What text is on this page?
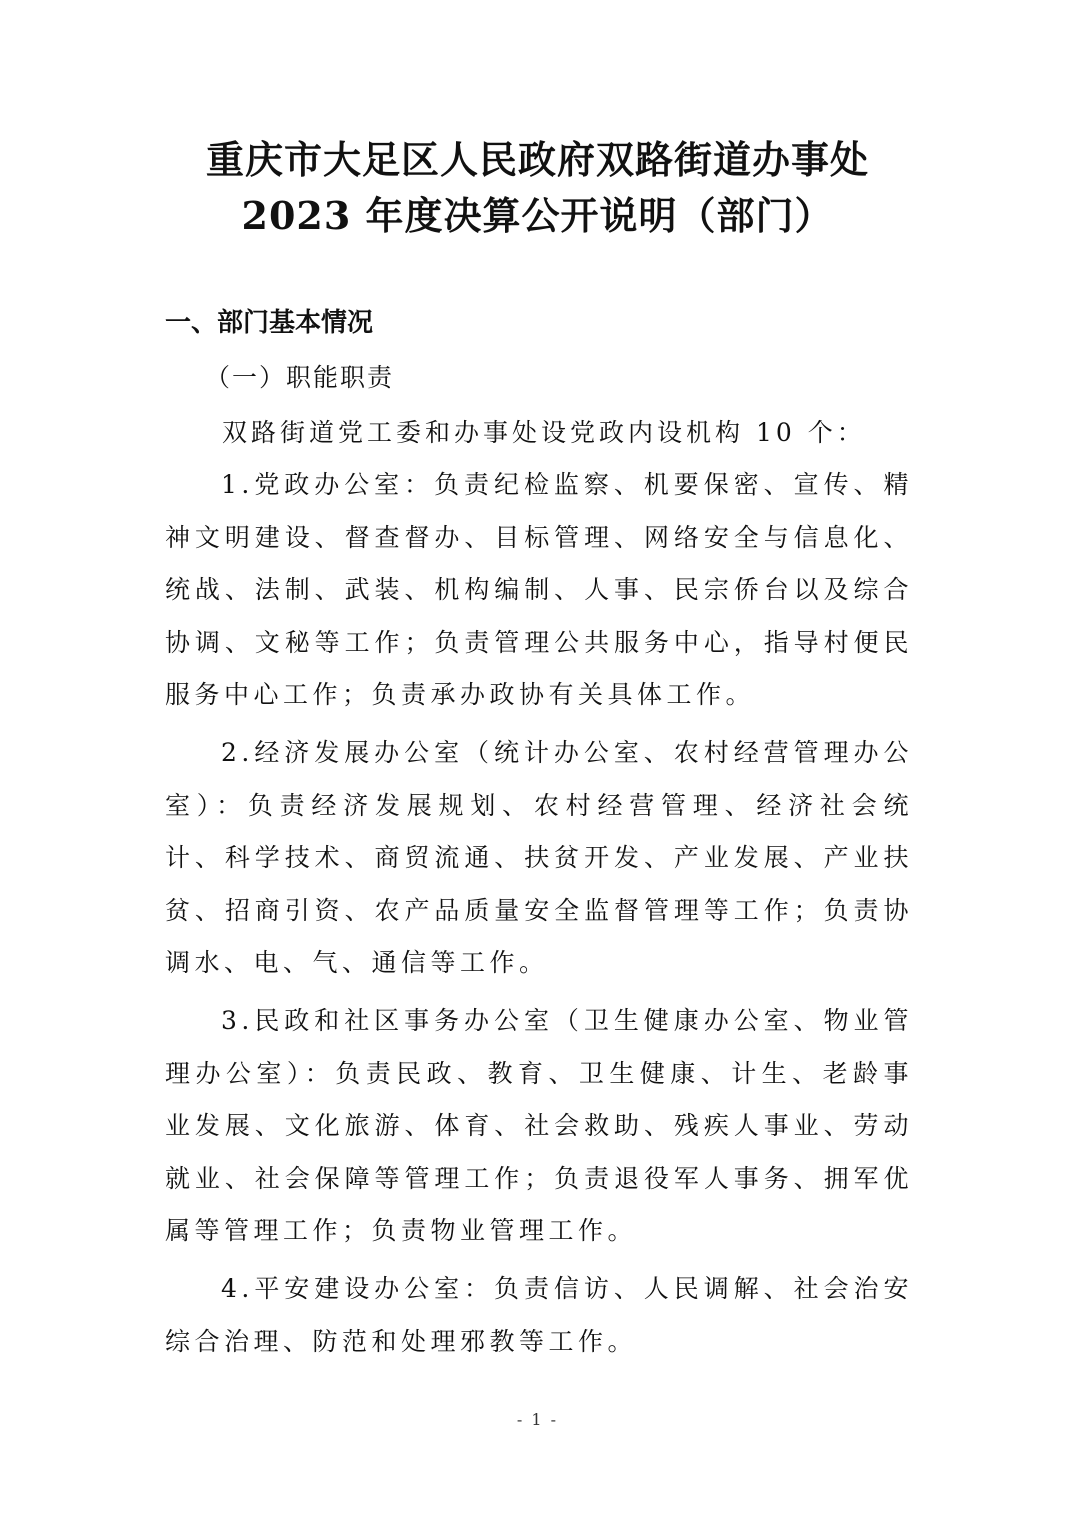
重庆市大足区人民政府双路街道办事处
2023 年度决算公开说明（部门）
一、部门基本情况
（一）职能职责
双路街道党工委和办事处设党政内设机构 10 个：

1.党政办公室：负责纪检监察、机要保密、宣传、精神文明建设、督查督办、目标管理、网络安全与信息化、统战、法制、武装、机构编制、人事、民宗侨台以及综合协调、文秘等工作；负责管理公共服务中心，指导村便民服务中心工作；负责承办政协有关具体工作。

2.经济发展办公室（统计办公室、农村经营管理办公室）：负责经济发展规划、农村经营管理、经济社会统计、科学技术、商贸流通、扶贫开发、产业发展、产业扶贫、招商引资、农产品质量安全监督管理等工作；负责协调水、电、气、通信等工作。

3.民政和社区事务办公室（卫生健康办公室、物业管理办公室）：负责民政、教育、卫生健康、计生、老龄事业发展、文化旅游、体育、社会救助、残疾人事业、劳动就业、社会保障等管理工作；负责退役军人事务、拥军优属等管理工作；负责物业管理工作。

4.平安建设办公室：负责信访、人民调解、社会治安综合治理、防范和处理邪教等工作。

- 1 -
